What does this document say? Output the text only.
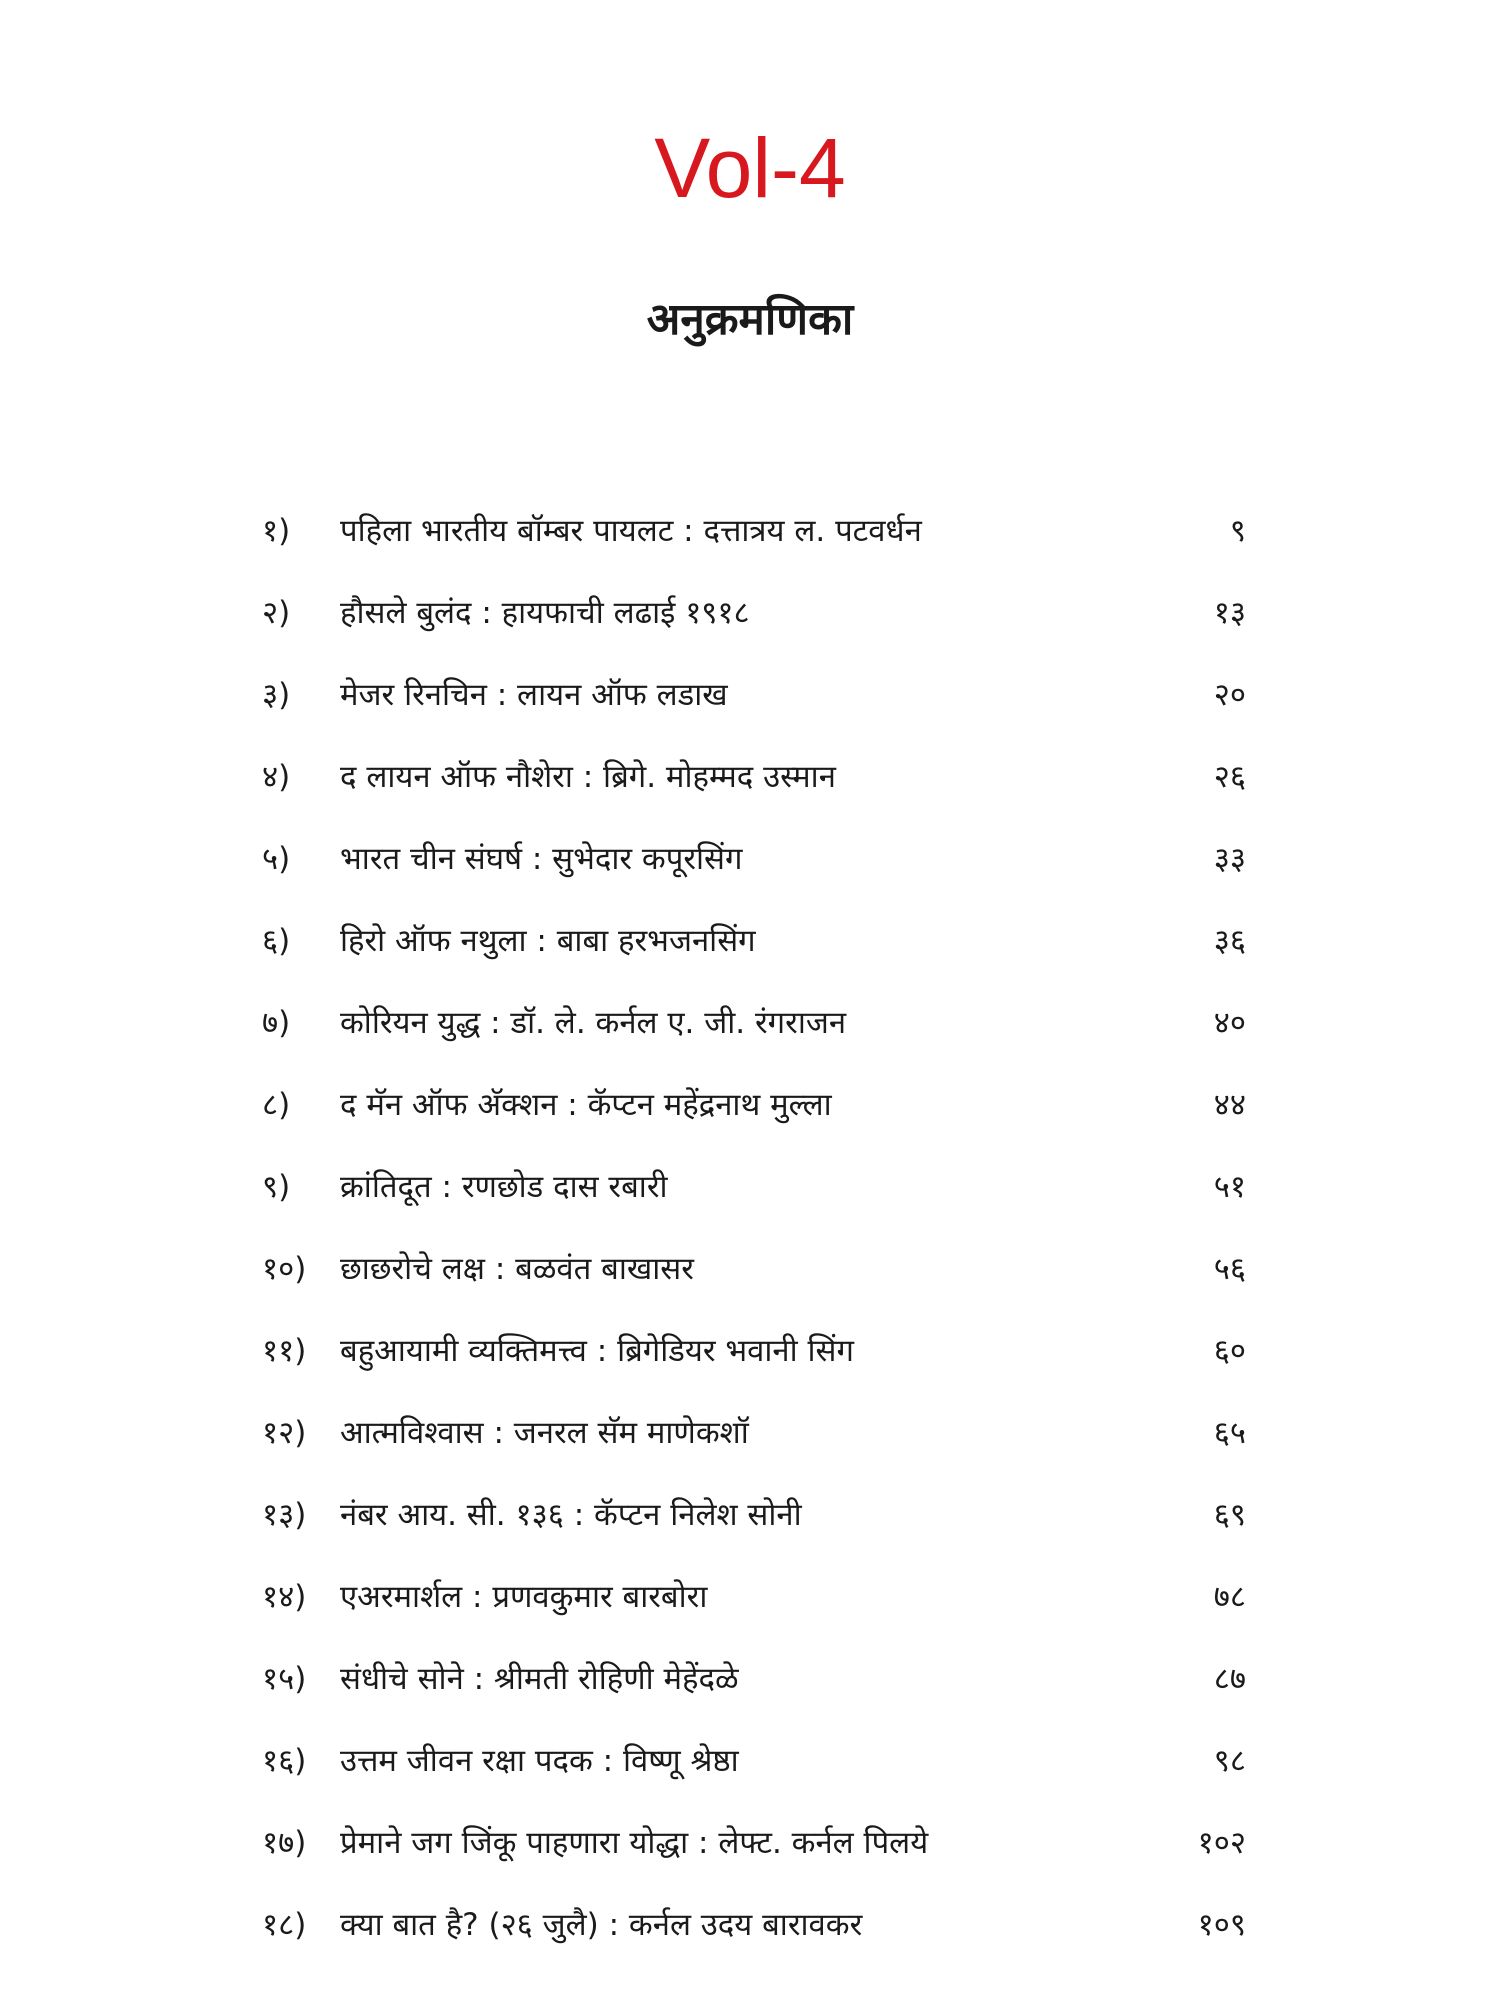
Vol-4
अनुक्रमणिका
१)	पहिला भारतीय बॉम्बर पायलट : दत्तात्रय ल. पटवर्धन	९
२)	हौसले बुलंद : हायफाची लढाई १९१८	१३
३)	मेजर रिनचिन : लायन ऑफ लडाख	२०
४)	द लायन ऑफ नौशेरा : ब्रिगे. मोहम्मद उस्मान	२६
५)	भारत चीन संघर्ष : सुभेदार कपूरसिंग	३३
६)	हिरो ऑफ नथुला : बाबा हरभजनसिंग	३६
७)	कोरियन युद्ध : डॉ. ले. कर्नल ए. जी. रंगराजन	४०
८)	द मॅन ऑफ अ‍ॅक्शन : कॅप्टन महेंद्रनाथ मुल्ला	४४
९)	क्रांतिदूत : रणछोड दास रबारी	५१
१०)	छाछरोचे लक्ष : बळवंत बाखासर	५६
११)	बहुआयामी व्यक्तिमत्त्व : ब्रिगेडियर भवानी सिंग	६०
१२)	आत्मविश्वास : जनरल सॅम माणेकशॉ	६५
१३)	नंबर आय. सी. १३६ : कॅप्टन निलेश सोनी	६९
१४)	एअरमार्शल : प्रणवकुमार बारबोरा	७८
१५)	संधीचे सोने : श्रीमती रोहिणी मेहेंदळे	८७
१६)	उत्तम जीवन रक्षा पदक : विष्णू श्रेष्ठा	९८
१७)	प्रेमाने जग जिंकू पाहणारा योद्धा : लेफ्ट. कर्नल पिलये	१०२
१८)	क्या बात है? (२६ जुलै) : कर्नल उदय बारावकर	१०९
